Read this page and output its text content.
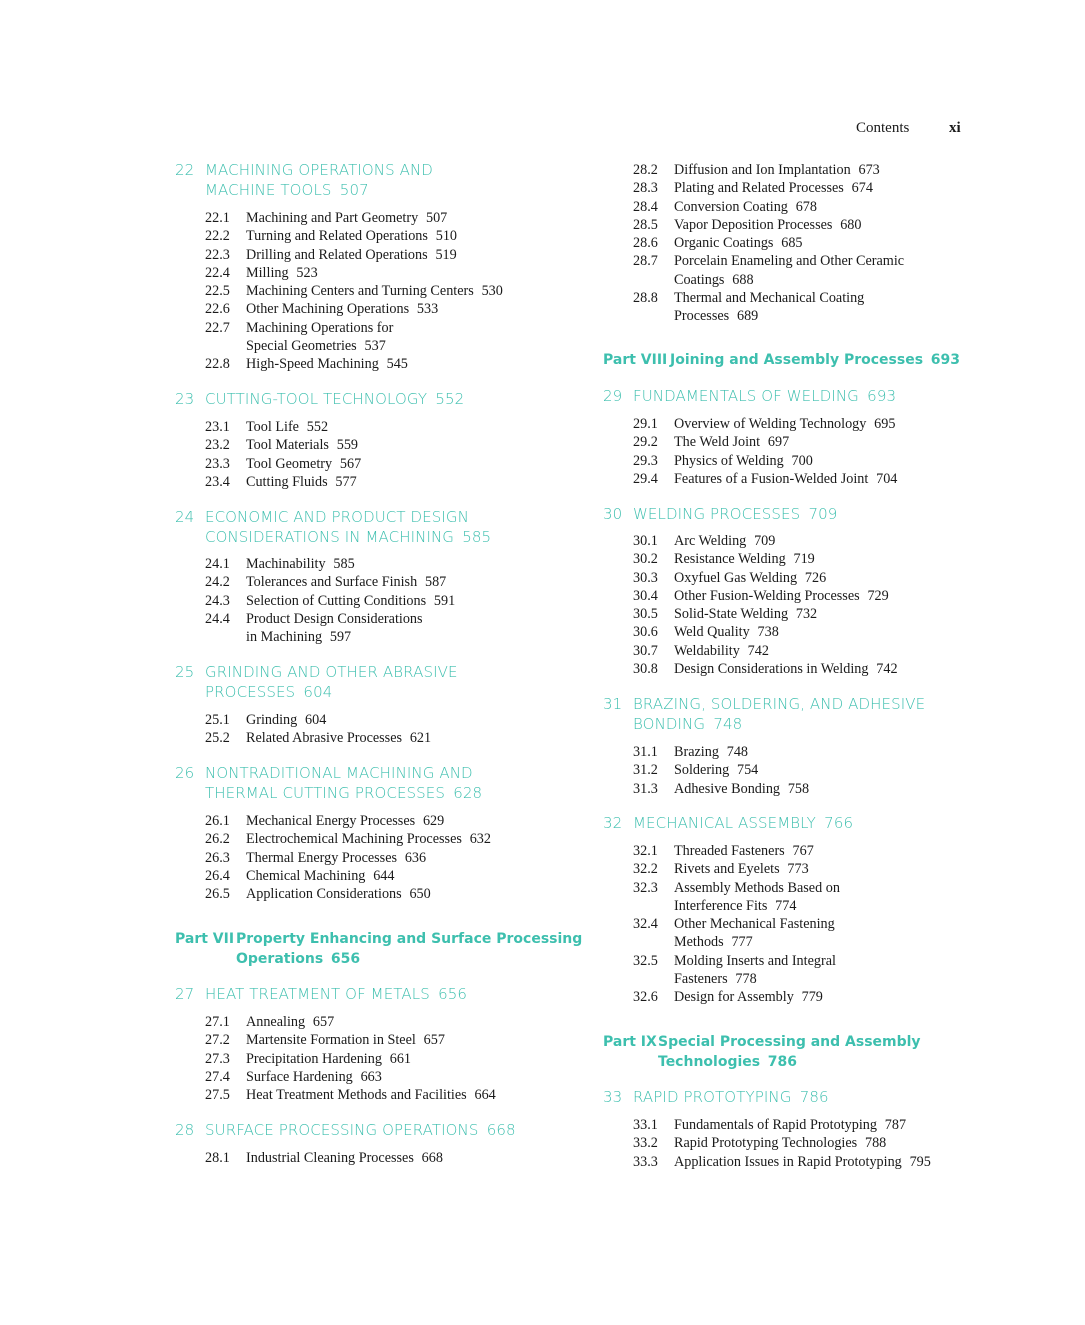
Contents	xi
22 MACHINING OPERATIONS AND
MACHINE TOOLS 507
22.1 Machining and Part Geometry 507
22.2 Turning and Related Operations 510
22.3 Drilling and Related Operations 519
22.4 Milling 523
22.5 Machining Centers and Turning Centers 530
22.6 Other Machining Operations 533
22.7 Machining Operations for
Special Geometries 537
22.8 High-Speed Machining 545
23 CUTTING-TOOL TECHNOLOGY 552
23.1 Tool Life 552
23.2 Tool Materials 559
23.3 Tool Geometry 567
23.4 Cutting Fluids 577
24 ECONOMIC AND PRODUCT DESIGN
CONSIDERATIONS IN MACHINING 585
24.1 Machinability 585
24.2 Tolerances and Surface Finish 587
24.3 Selection of Cutting Conditions 591
24.4 Product Design Considerations
in Machining 597
25 GRINDING AND OTHER ABRASIVE
PROCESSES 604
25.1 Grinding 604
25.2 Related Abrasive Processes 621
26 NONTRADITIONAL MACHINING AND
THERMAL CUTTING PROCESSES 628
26.1 Mechanical Energy Processes 629
26.2 Electrochemical Machining Processes 632
26.3 Thermal Energy Processes 636
26.4 Chemical Machining 644
26.5 Application Considerations 650
Part VII Property Enhancing and Surface Processing
Operations 656
27 HEAT TREATMENT OF METALS 656
27.1 Annealing 657
27.2 Martensite Formation in Steel 657
27.3 Precipitation Hardening 661
27.4 Surface Hardening 663
27.5 Heat Treatment Methods and Facilities 664
28 SURFACE PROCESSING OPERATIONS 668
28.1 Industrial Cleaning Processes 668
28.2 Diffusion and Ion Implantation 673
28.3 Plating and Related Processes 674
28.4 Conversion Coating 678
28.5 Vapor Deposition Processes 680
28.6 Organic Coatings 685
28.7 Porcelain Enameling and Other Ceramic
Coatings 688
28.8 Thermal and Mechanical Coating
Processes 689
Part VIII Joining and Assembly Processes 693
29 FUNDAMENTALS OF WELDING 693
29.1 Overview of Welding Technology 695
29.2 The Weld Joint 697
29.3 Physics of Welding 700
29.4 Features of a Fusion-Welded Joint 704
30 WELDING PROCESSES 709
30.1 Arc Welding 709
30.2 Resistance Welding 719
30.3 Oxyfuel Gas Welding 726
30.4 Other Fusion-Welding Processes 729
30.5 Solid-State Welding 732
30.6 Weld Quality 738
30.7 Weldability 742
30.8 Design Considerations in Welding 742
31 BRAZING, SOLDERING, AND ADHESIVE
BONDING 748
31.1 Brazing 748
31.2 Soldering 754
31.3 Adhesive Bonding 758
32 MECHANICAL ASSEMBLY 766
32.1 Threaded Fasteners 767
32.2 Rivets and Eyelets 773
32.3 Assembly Methods Based on
Interference Fits 774
32.4 Other Mechanical Fastening
Methods 777
32.5 Molding Inserts and Integral
Fasteners 778
32.6 Design for Assembly 779
Part IX Special Processing and Assembly
Technologies 786
33 RAPID PROTOTYPING 786
33.1 Fundamentals of Rapid Prototyping 787
33.2 Rapid Prototyping Technologies 788
33.3 Application Issues in Rapid Prototyping 795
